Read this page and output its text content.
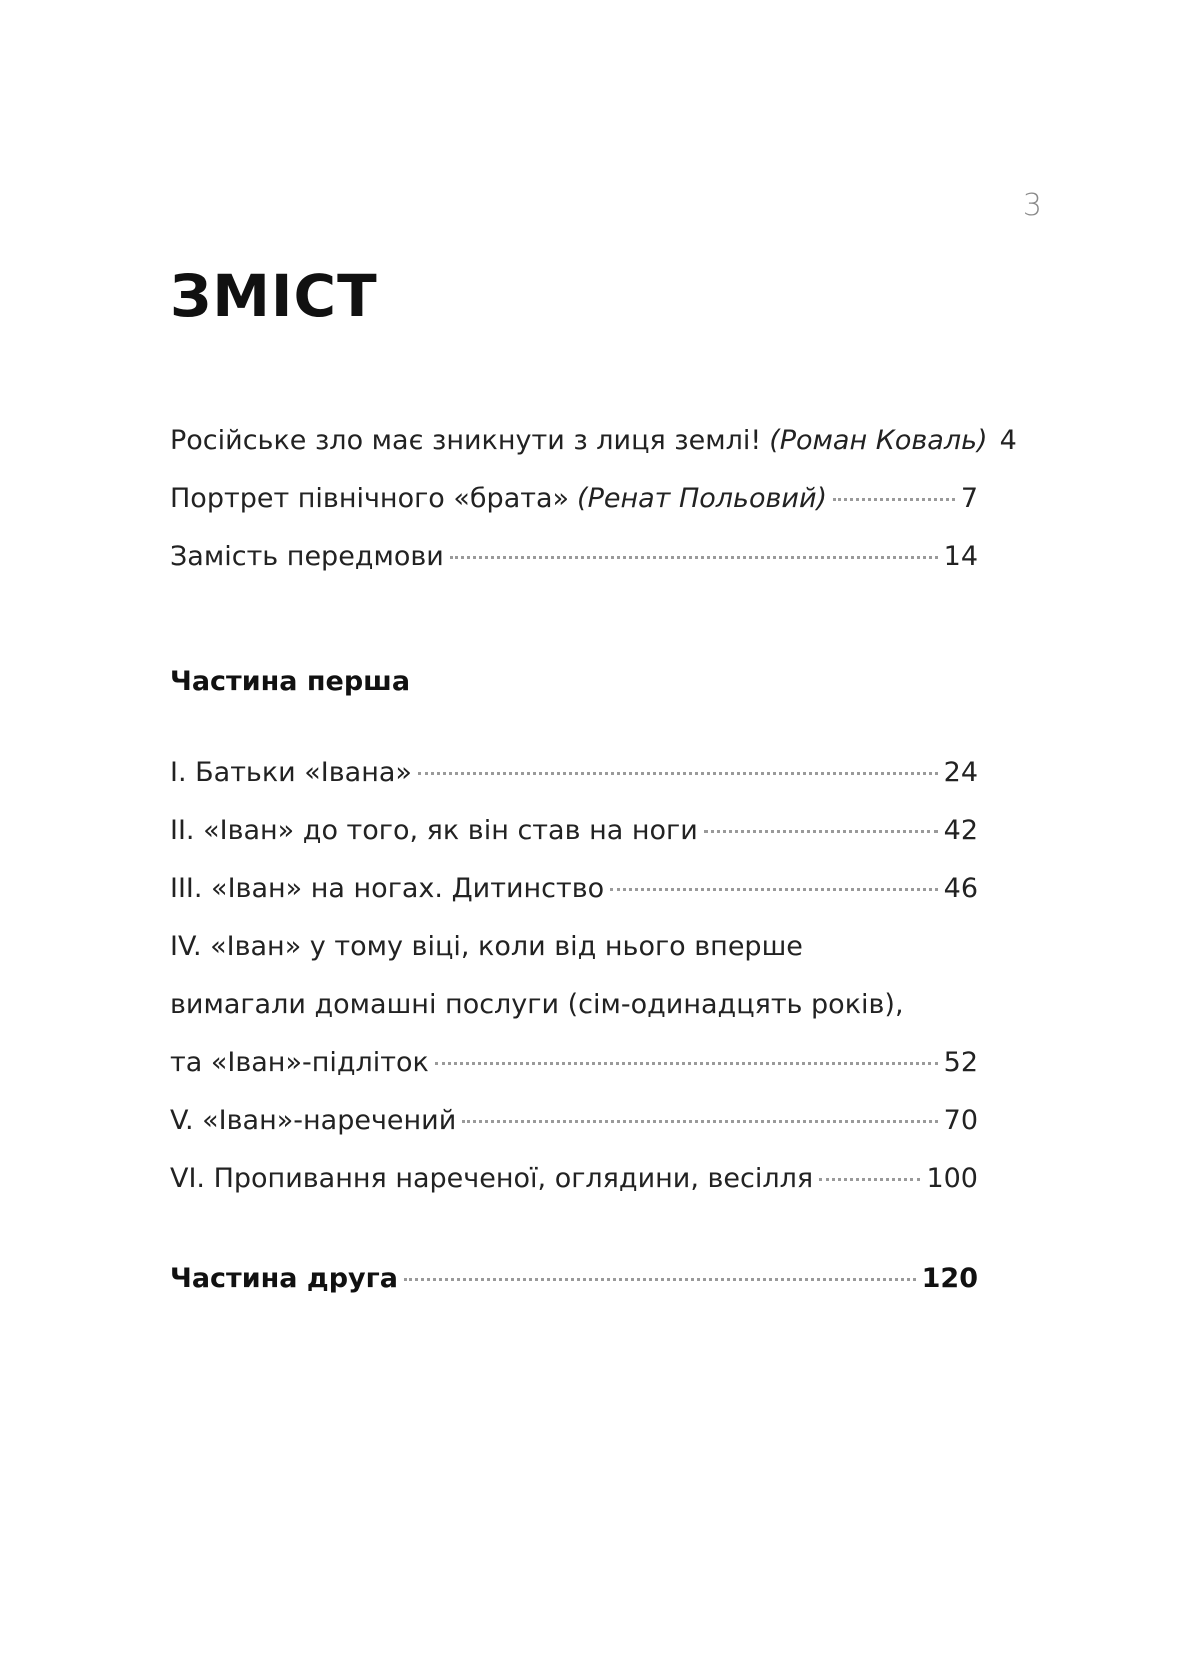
3
ЗМІСТ
Російське зло має зникнути з лиця землі! (Роман Коваль) 4
Портрет північного «брата» (Ренат Польовий)	7
Замість передмови	14
Частина перша
І. Батьки «Івана»	24
ІІ. «Іван» до того, як він став на ноги	42
ІІІ. «Іван» на ногах. Дитинство	46
IV. «Іван» у тому віці, коли від нього вперше
вимагали домашні послуги (сім-одинадцять років),
та «Іван»-підліток	52
V. «Іван»-наречений	70
VI. Пропивання нареченої, оглядини, весілля	100
Частина друга	120
